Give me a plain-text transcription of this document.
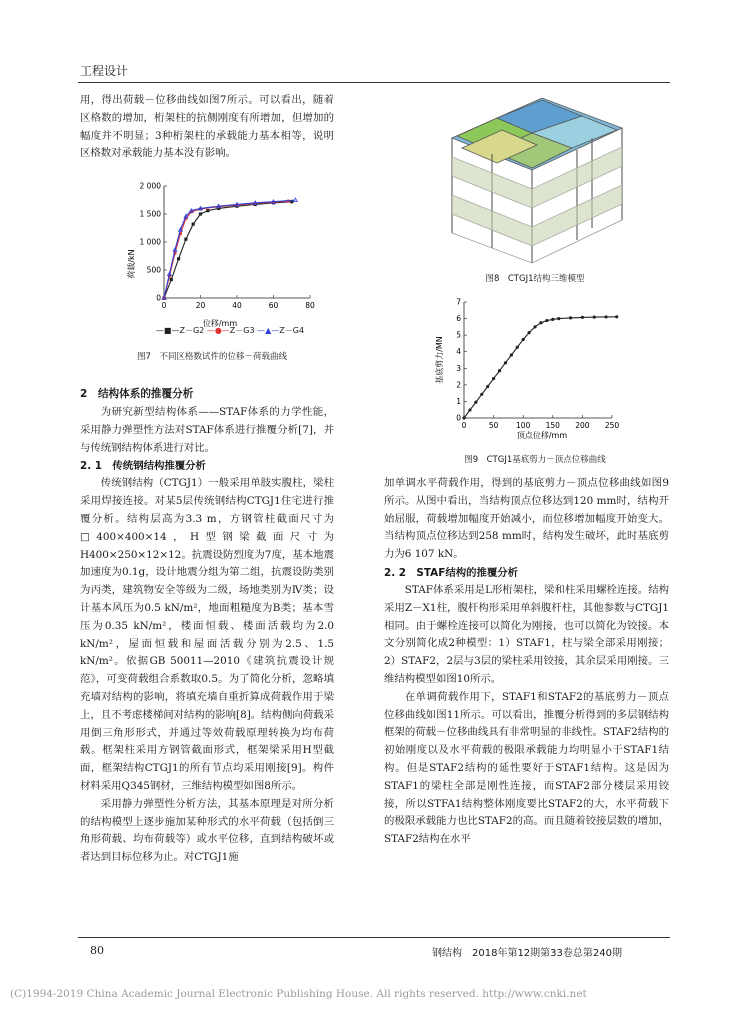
工程设计

用，得出荷载－位移曲线如图7所示。可以看出，随着区格数的增加，桁架柱的抗侧刚度有所增加，但增加的幅度并不明显；3种桁架柱的承载能力基本相等，说明区格数对承载能力基本没有影响。

0	20	40	60	80
0
500
1 000
1 500
2 000
荷载/kN
位移/mm
—■—Z－G2 —●—Z－G3 —▲—Z－G4
图7　不同区格数试件的位移－荷载曲线
2　结构体系的推覆分析

为研究新型结构体系——STAF体系的力学性能，采用静力弹塑性方法对STAF体系进行推覆分析[7]，并与传统钢结构体系进行对比。

2. 1　传统钢结构推覆分析

传统钢结构（CTGJ1）一般采用单肢实腹柱，梁柱采用焊接连接。对某5层传统钢结构CTGJ1住宅进行推覆分析。结构层高为3.3 m，方钢管柱截面尺寸为□400×400×14，H型钢梁截面尺寸为H400×250×12×12。抗震设防烈度为7度，基本地震加速度为0.1g，设计地震分组为第二组，抗震设防类别为丙类，建筑物安全等级为二级，场地类别为Ⅳ类；设计基本风压为0.5 kN/m²，地面粗糙度为B类；基本雪压为0.35 kN/m²，楼面恒载、楼面活载均为2.0 kN/m²，屋面恒载和屋面活载分别为2.5、1.5 kN/m²。依据GB 50011—2010《建筑抗震设计规范》，可变荷载组合系数取0.5。为了简化分析，忽略填充墙对结构的影响，将填充墙自重折算成荷载作用于梁上，且不考虑楼梯间对结构的影响[8]。结构侧向荷载采用倒三角形形式，并通过等效荷载原理转换为均布荷载。框架柱采用方钢管截面形式，框架梁采用H型截面，框架结构CTGJ1的所有节点均采用刚接[9]。构件材料采用Q345钢材，三维结构模型如图8所示。

采用静力弹塑性分析方法，其基本原理是对所分析的结构模型上逐步施加某种形式的水平荷载（包括倒三角形荷载、均布荷载等）或水平位移，直到结构破坏或者达到目标位移为止。对CTGJ1施

图8　CTGJ1结构三维模型
0	50 100 150 200 250
0
1
2
3
4
5
6
7
基底剪力/MN
顶点位移/mm
图9　CTGJ1基底剪力－顶点位移曲线

加单调水平荷载作用，得到的基底剪力－顶点位移曲线如图9所示。从图中看出，当结构顶点位移达到120 mm时，结构开始屈服，荷载增加幅度开始减小，而位移增加幅度开始变大。当结构顶点位移达到258 mm时，结构发生破坏，此时基底剪力为6 107 kN。

2. 2　STAF结构的推覆分析

STAF体系采用是L形桁架柱，梁和柱采用螺栓连接。结构采用Z－X1柱，腹杆构形采用单斜腹杆柱，其他参数与CTGJ1相同。由于螺栓连接可以简化为刚接，也可以简化为铰接。本文分别简化成2种模型：1）STAF1，柱与梁全部采用刚接；2）STAF2，2层与3层的梁柱采用铰接，其余层采用刚接。三维结构模型如图10所示。

在单调荷载作用下，STAF1和STAF2的基底剪力－顶点位移曲线如图11所示。可以看出，推覆分析得到的多层钢结构框架的荷载－位移曲线具有非常明显的非线性。STAF2结构的初始刚度以及水平荷载的极限承载能力均明显小于STAF1结构。但是STAF2结构的延性要好于STAF1结构。这是因为STAF1的梁柱全部是刚性连接，而STAF2部分楼层采用铰接，所以STFA1结构整体刚度要比STAF2的大，水平荷载下的极限承载能力也比STAF2的高。而且随着铰接层数的增加，STAF2结构在水平

80	钢结构　2018年第12期第33卷总第240期
(C)1994-2019 China Academic Journal Electronic Publishing House. All rights reserved. http://www.cnki.net
